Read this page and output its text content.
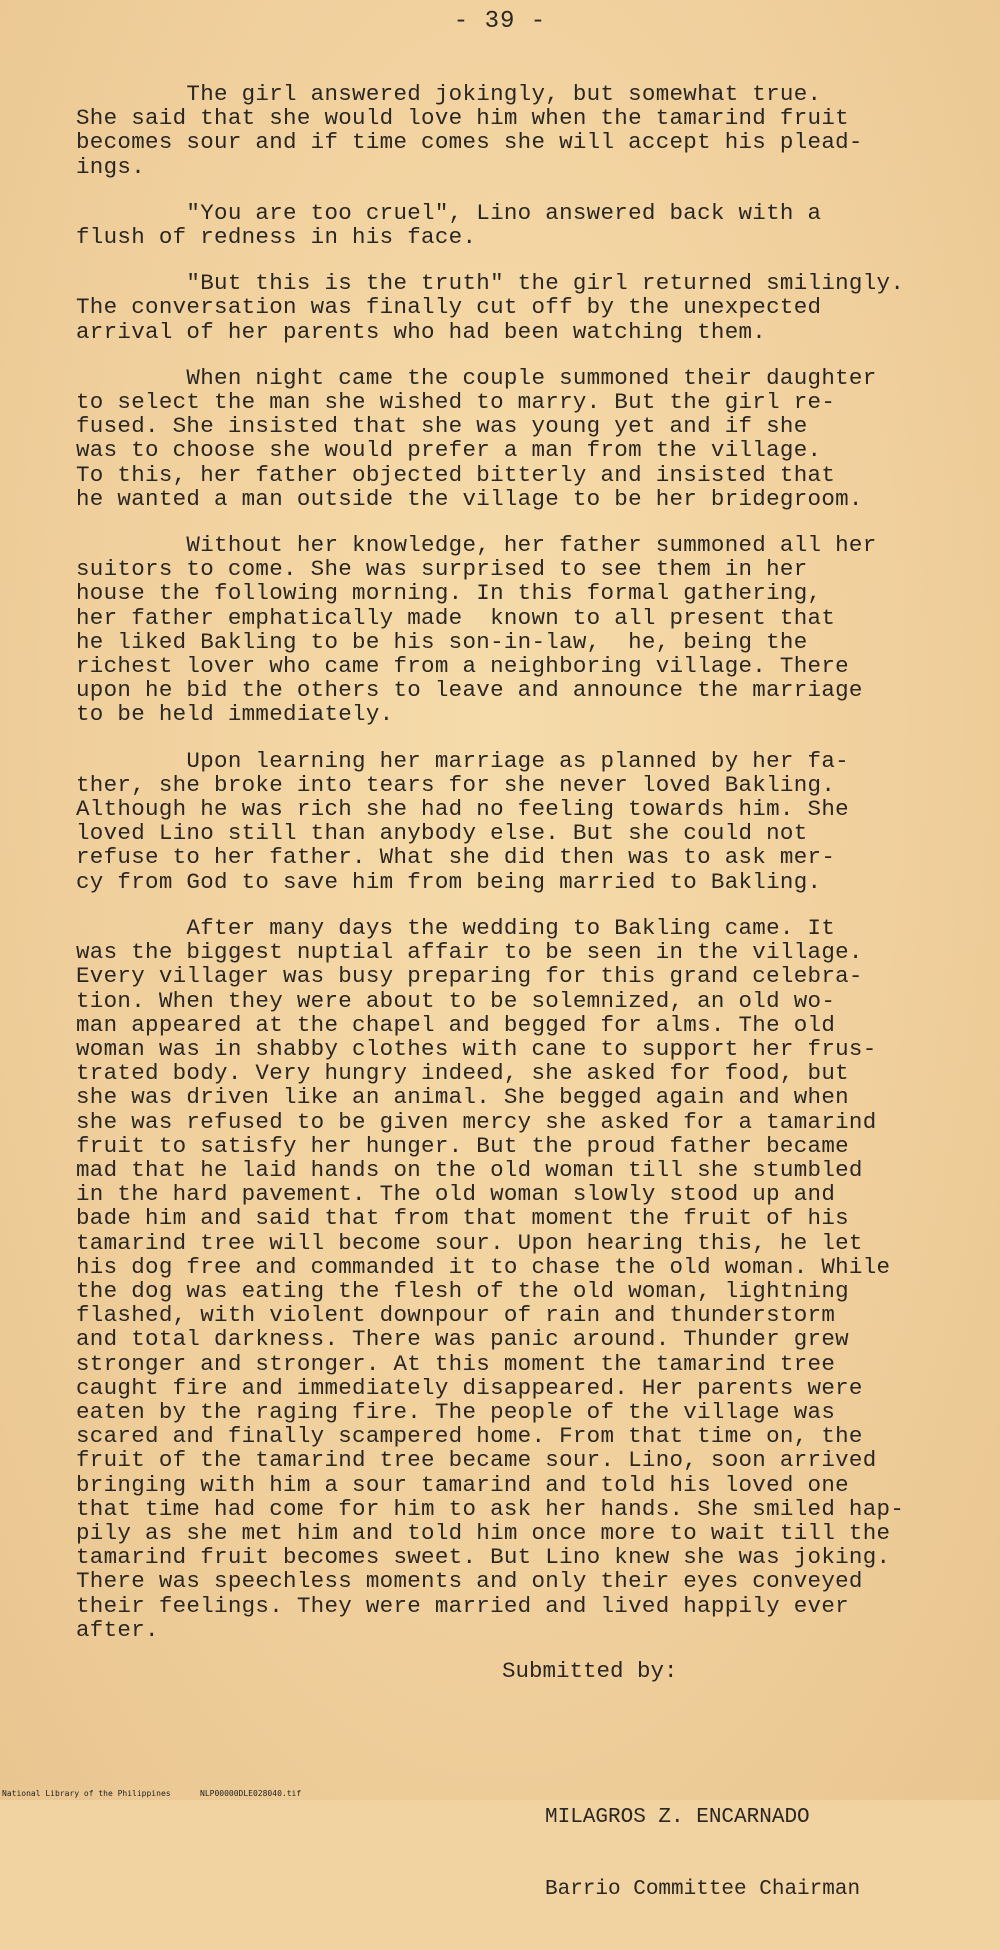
- 39 -

The girl answered jokingly, but somewhat true.
She said that she would love him when the tamarind fruit
becomes sour and if time comes she will accept his plead-
ings.

"You are too cruel", Lino answered back with a
flush of redness in his face.

"But this is the truth" the girl returned smilingly.
The conversation was finally cut off by the unexpected
arrival of her parents who had been watching them.

When night came the couple summoned their daughter
to select the man she wished to marry. But the girl re-
fused. She insisted that she was young yet and if she
was to choose she would prefer a man from the village.
To this, her father objected bitterly and insisted that
he wanted a man outside the village to be her bridegroom.

Without her knowledge, her father summoned all her
suitors to come. She was surprised to see them in her
house the following morning. In this formal gathering,
her father emphatically made  known to all present that
he liked Bakling to be his son-in-law,  he, being the
richest lover who came from a neighboring village. There
upon he bid the others to leave and announce the marriage
to be held immediately.

Upon learning her marriage as planned by her fa-
ther, she broke into tears for she never loved Bakling.
Although he was rich she had no feeling towards him. She
loved Lino still than anybody else. But she could not
refuse to her father. What she did then was to ask mer-
cy from God to save him from being married to Bakling.

After many days the wedding to Bakling came. It
was the biggest nuptial affair to be seen in the village.
Every villager was busy preparing for this grand celebra-
tion. When they were about to be solemnized, an old wo-
man appeared at the chapel and begged for alms. The old
woman was in shabby clothes with cane to support her frus-
trated body. Very hungry indeed, she asked for food, but
she was driven like an animal. She begged again and when
she was refused to be given mercy she asked for a tamarind
fruit to satisfy her hunger. But the proud father became
mad that he laid hands on the old woman till she stumbled
in the hard pavement. The old woman slowly stood up and
bade him and said that from that moment the fruit of his
tamarind tree will become sour. Upon hearing this, he let
his dog free and commanded it to chase the old woman. While
the dog was eating the flesh of the old woman, lightning
flashed, with violent downpour of rain and thunderstorm
and total darkness. There was panic around. Thunder grew
stronger and stronger. At this moment the tamarind tree
caught fire and immediately disappeared. Her parents were
eaten by the raging fire. The people of the village was
scared and finally scampered home. From that time on, the
fruit of the tamarind tree became sour. Lino, soon arrived
bringing with him a sour tamarind and told his loved one
that time had come for him to ask her hands. She smiled hap-
pily as she met him and told him once more to wait till the
tamarind fruit becomes sweet. But Lino knew she was joking.
There was speechless moments and only their eyes conveyed
their feelings. They were married and lived happily ever
after.

Submitted by:

MILAGROS Z. ENCARNADO

Barrio Committee Chairman

National Library of the Philippines	NLP00000DLE028040.tif
